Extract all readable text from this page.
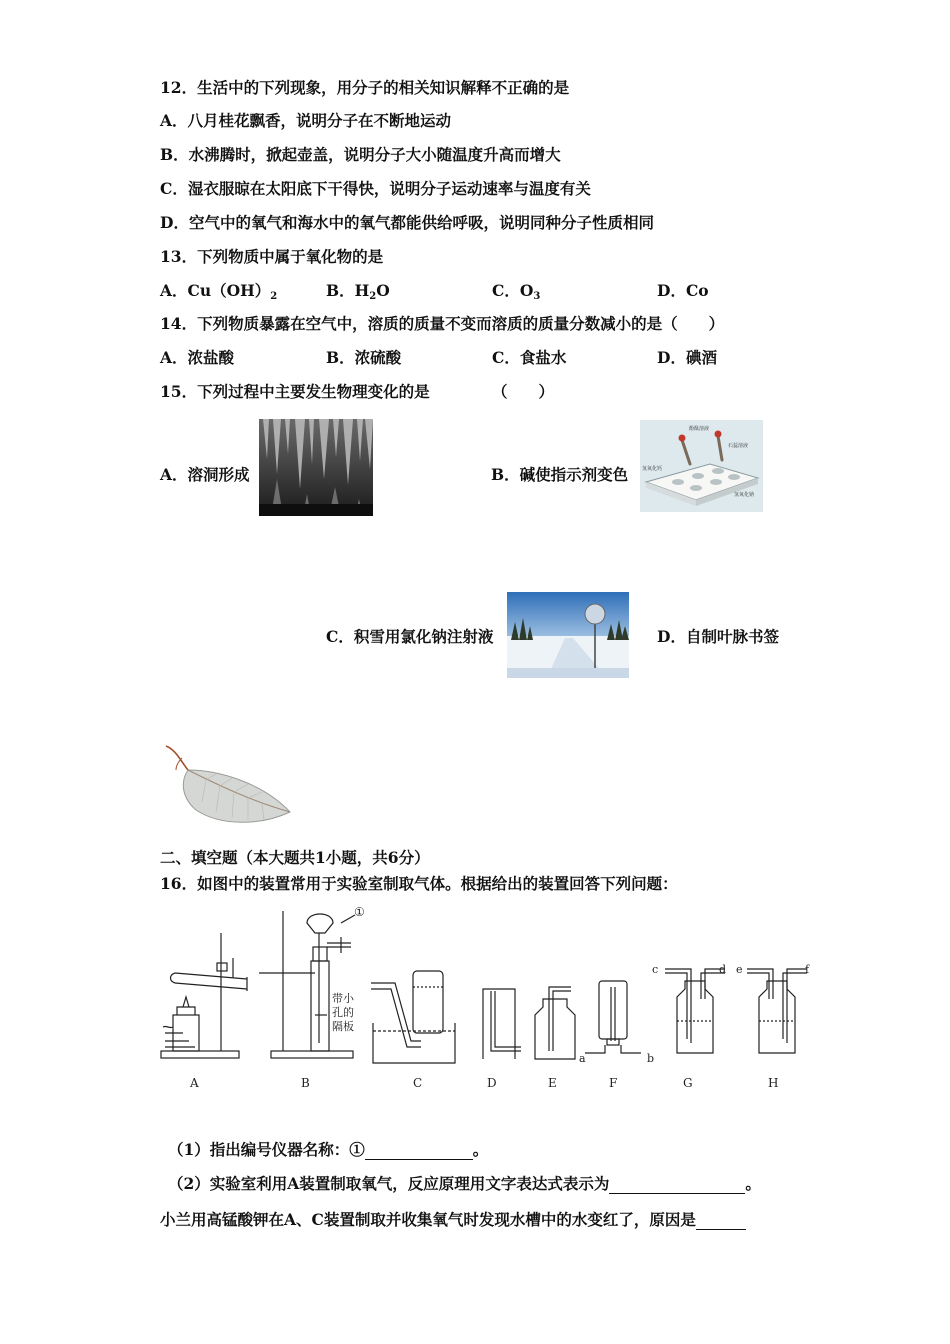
12．生活中的下列现象，用分子的相关知识解释不正确的是
A．八月桂花飘香，说明分子在不断地运动
B．水沸腾时，掀起壶盖，说明分子大小随温度升高而增大
C．湿衣服晾在太阳底下干得快，说明分子运动速率与温度有关
D．空气中的氧气和海水中的氧气都能供给呼吸，说明同种分子性质相同
13．下列物质中属于氧化物的是
A．$Cu(OH)_2$	B．$H_2O$	C．$O_3$	D．Co
14．下列物质暴露在空气中，溶质的质量不变而溶质的质量分数减小的是（　　）
A．浓盐酸	B．浓硫酸	C．食盐水	D．碘酒
15．下列过程中主要发生物理变化的是	（　　）
A．溶洞形成	B．碱使指示剂变色
酚酞溶液
石蕊溶液
氢氧化钙
氢氧化钠
C．积雪用氯化钠注射液	D．自制叶脉书签
二、填空题（本大题共1小题，共6分）
16．如图中的装置常用于实验室制取气体。根据给出的装置回答下列问题：
①
带小孔的隔板
a	b
c	d e	f
A	B	C	D	E	F	G	H
（1）指出编号仪器名称：①	。
（2）实验室利用A装置制取氧气，反应原理用文字表达式表示为	。
小兰用高锰酸钾在A、C装置制取并收集氧气时发现水槽中的水变红了，原因是
